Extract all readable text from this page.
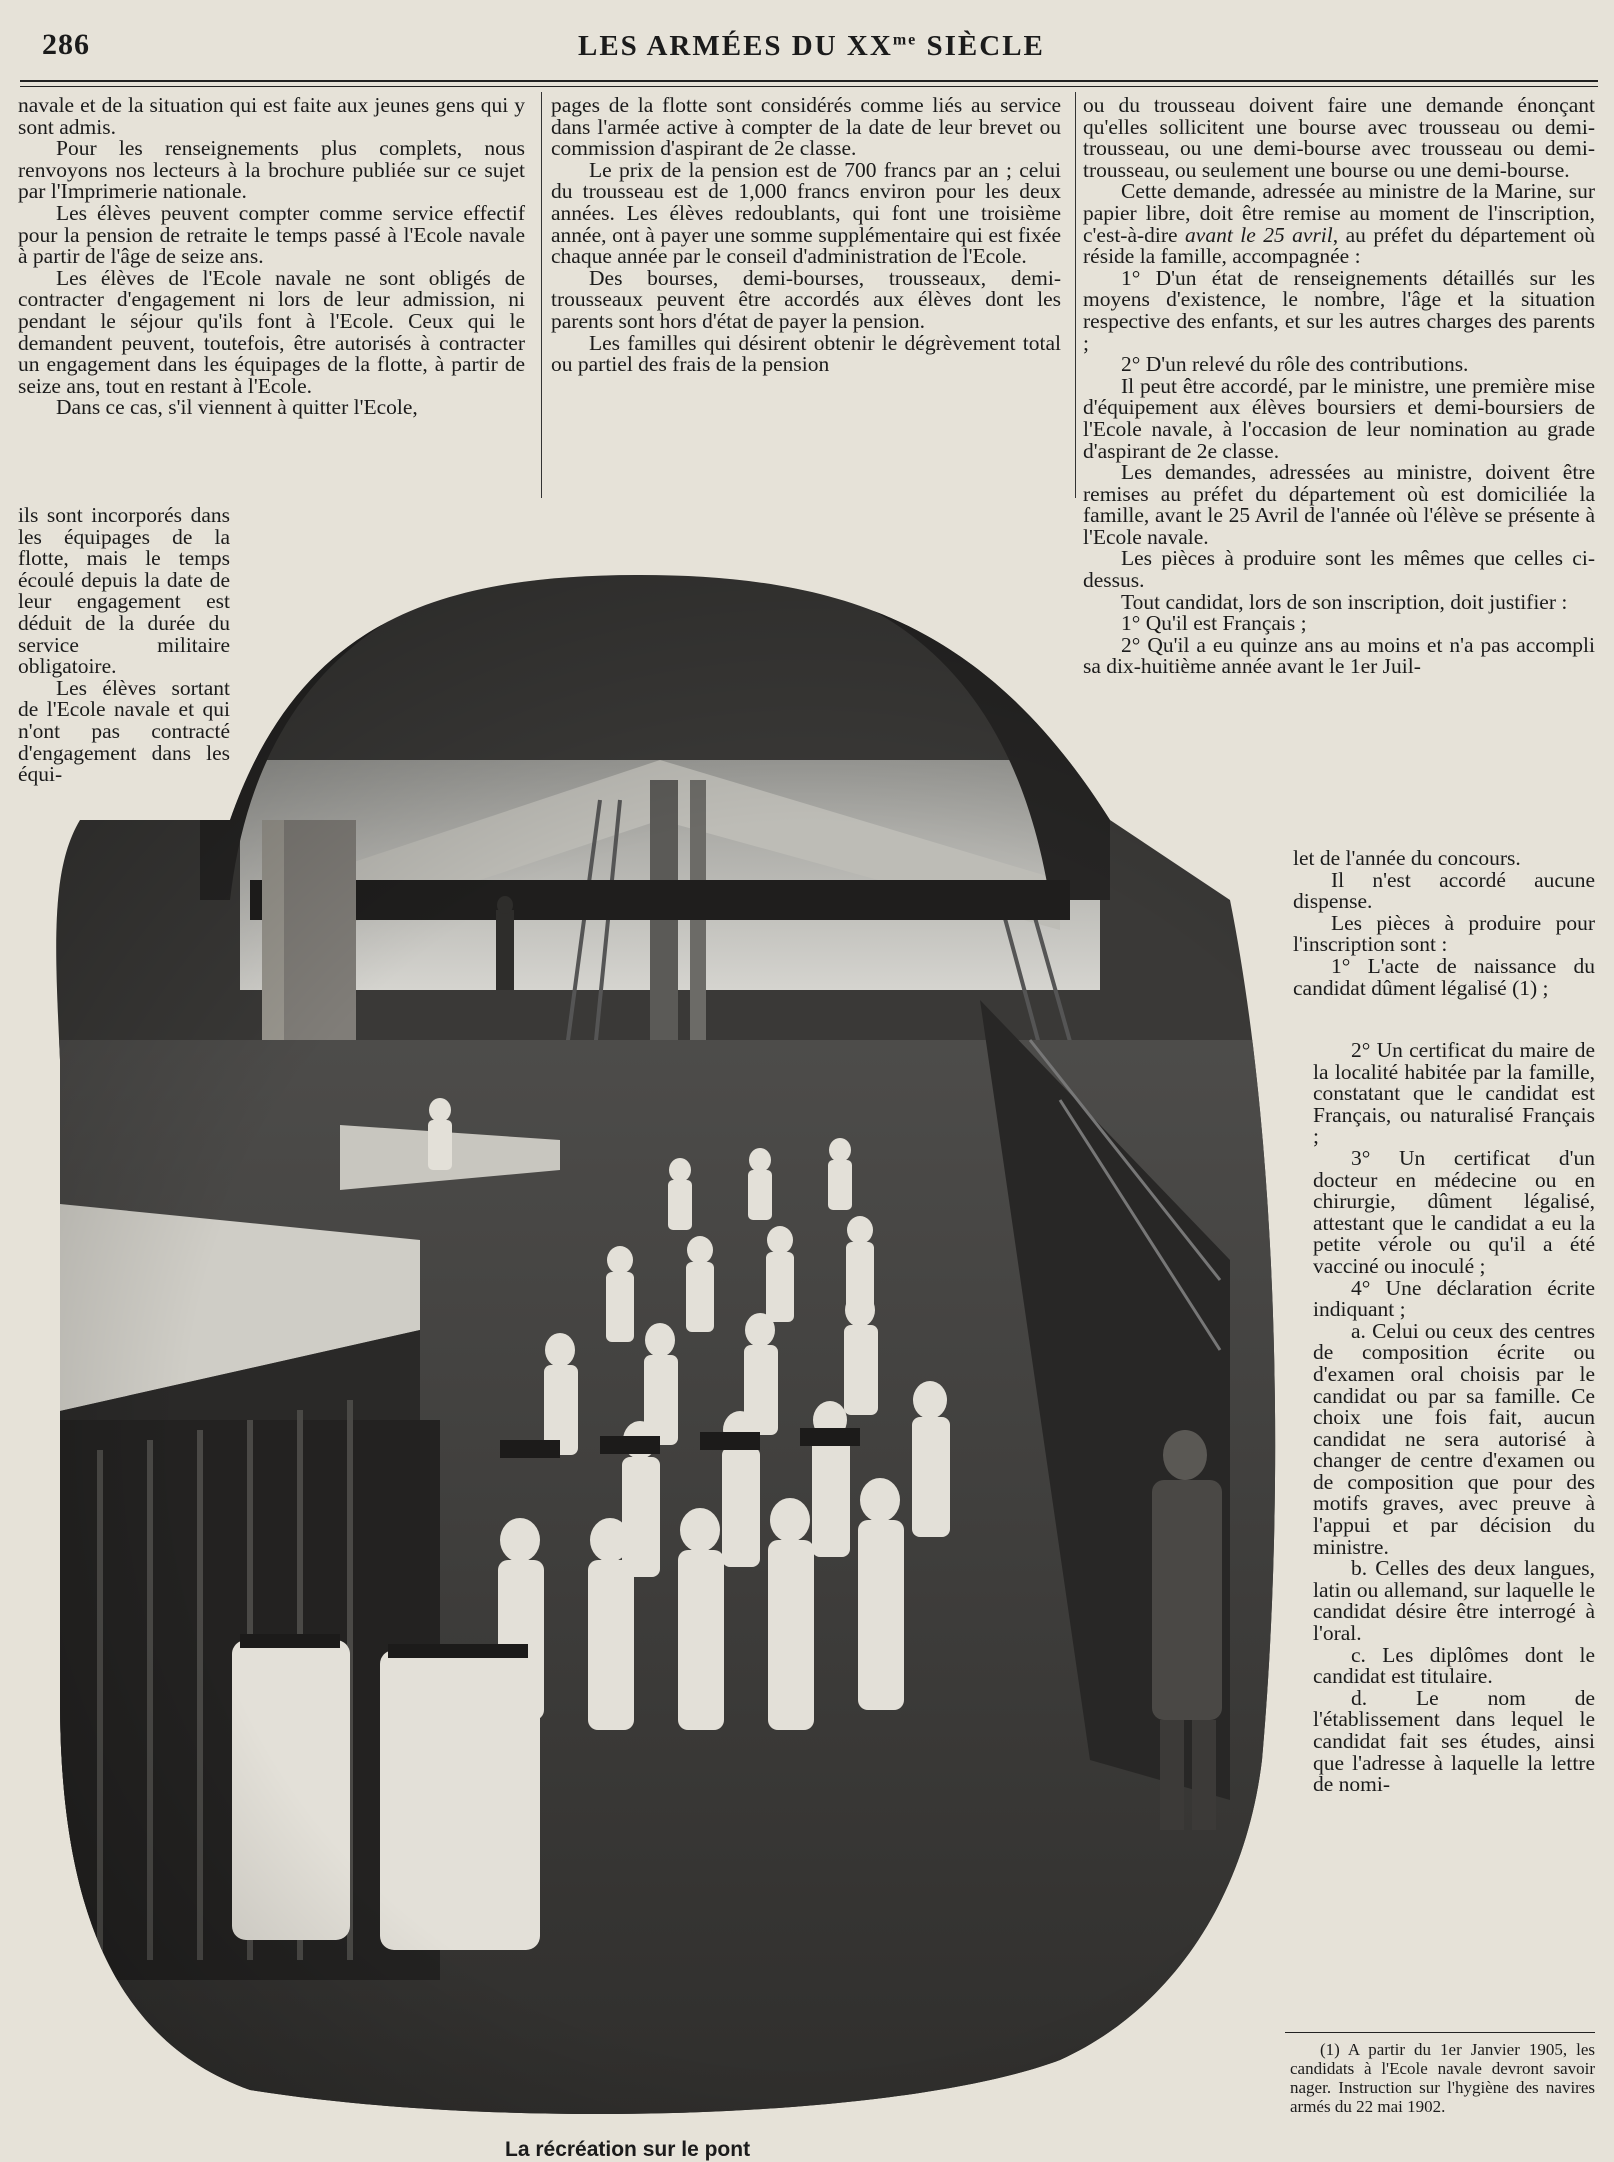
286	LES ARMÉES DU $XX^{me}$ SIÈCLE

navale et de la situation qui est faite aux jeunes gens qui y sont admis.

Pour les renseignements plus complets, nous renvoyons nos lecteurs à la brochure publiée sur ce sujet par l'Imprimerie nationale.

Les élèves peuvent compter comme service effectif pour la pension de retraite le temps passé à l'Ecole navale à partir de l'âge de seize ans.

Les élèves de l'Ecole navale ne sont obligés de contracter d'engagement ni lors de leur admission, ni pendant le séjour qu'ils font à l'Ecole. Ceux qui le demandent peuvent, toutefois, être autorisés à contracter un engagement dans les équipages de la flotte, à partir de seize ans, tout en restant à l'Ecole.

Dans ce cas, s'il viennent à quitter l'Ecole,

ils sont incorporés dans les équipages de la flotte, mais le temps écoulé depuis la date de leur engagement est déduit de la durée du service militaire obligatoire.

Les élèves sortant de l'Ecole navale et qui n'ont pas contracté d'engagement dans les équi-

pages de la flotte sont considérés comme liés au service dans l'armée active à compter de la date de leur brevet ou commission d'aspirant de 2e classe.

Le prix de la pension est de 700 francs par an ; celui du trousseau est de 1,000 francs environ pour les deux années. Les élèves redoublants, qui font une troisième année, ont à payer une somme supplémentaire qui est fixée chaque année par le conseil d'administration de l'Ecole.

Des bourses, demi-bourses, trousseaux, demi-trousseaux peuvent être accordés aux élèves dont les parents sont hors d'état de payer la pension.

Les familles qui désirent obtenir le dégrèvement total ou partiel des frais de la pension

ou du trousseau doivent faire une demande énonçant qu'elles sollicitent une bourse avec trousseau ou demi-trousseau, ou une demi-bourse avec trousseau ou demi-trousseau, ou seulement une bourse ou une demi-bourse.

Cette demande, adressée au ministre de la Marine, sur papier libre, doit être remise au moment de l'inscription, c'est-à-dire avant le 25 avril, au préfet du département où réside la famille, accompagnée :

1° D'un état de renseignements détaillés sur les moyens d'existence, le nombre, l'âge et la situation respective des enfants, et sur les autres charges des parents ;

2° D'un relevé du rôle des contributions.

Il peut être accordé, par le ministre, une première mise d'équipement aux élèves boursiers et demi-boursiers de l'Ecole navale, à l'occasion de leur nomination au grade d'aspirant de 2e classe.

Les demandes, adressées au ministre, doivent être remises au préfet du département où est domiciliée la famille, avant le 25 Avril de l'année où l'élève se présente à l'Ecole navale.

Les pièces à produire sont les mêmes que celles ci-dessus.

Tout candidat, lors de son inscription, doit justifier :

1° Qu'il est Français ;

2° Qu'il a eu quinze ans au moins et n'a pas accompli sa dix-huitième année avant le 1er Juil-

let de l'année du concours.

Il n'est accordé aucune dispense.

Les pièces à produire pour l'inscription sont :

1° L'acte de naissance du candidat dûment légalisé (1) ;

2° Un certificat du maire de la localité habitée par la famille, constatant que le candidat est Français, ou naturalisé Français ;

3° Un certificat d'un docteur en médecine ou en chirurgie, dûment légalisé, attestant que le candidat a eu la petite vérole ou qu'il a été vacciné ou inoculé ;

4° Une déclaration écrite indiquant ;

a. Celui ou ceux des centres de composition écrite ou d'examen oral choisis par le candidat ou par sa famille. Ce choix une fois fait, aucun candidat ne sera autorisé à changer de centre d'examen ou de composition que pour des motifs graves, avec preuve à l'appui et par décision du ministre.

b. Celles des deux langues, latin ou allemand, sur laquelle le candidat désire être interrogé à l'oral.

c. Les diplômes dont le candidat est titulaire.

d. Le nom de l'établissement dans lequel le candidat fait ses études, ainsi que l'adresse à laquelle la lettre de nomi-

La récréation sur le pont

(1) A partir du 1er Janvier 1905, les candidats à l'Ecole navale devront savoir nager. Instruction sur l'hygiène des navires armés du 22 mai 1902.
